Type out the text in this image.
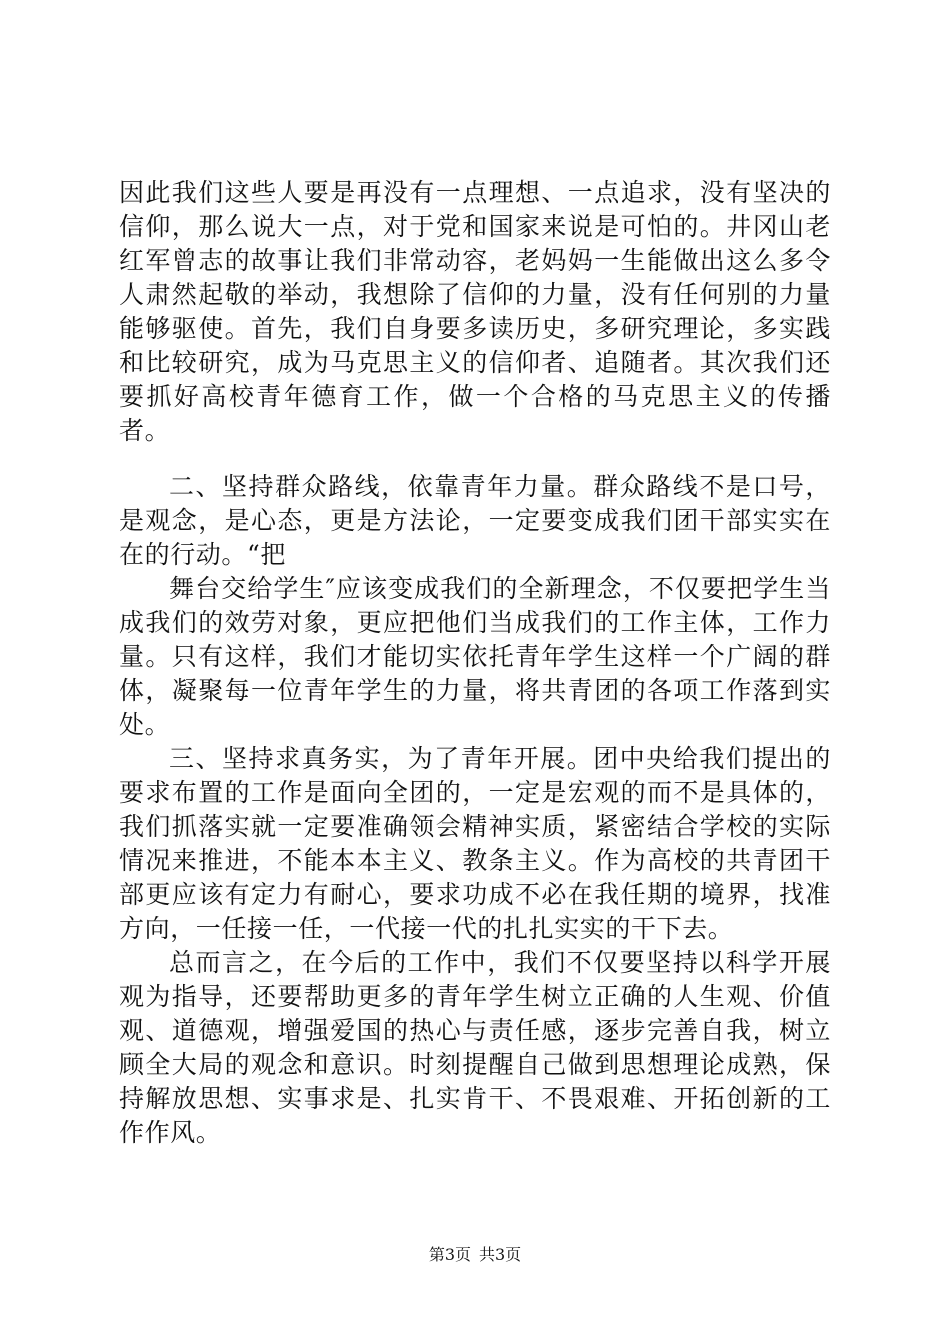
因此我们这些人要是再没有一点理想、一点追求，没有坚决的信仰，那么说大一点，对于党和国家来说是可怕的。井冈山老红军曾志的故事让我们非常动容，老妈妈一生能做出这么多令人肃然起敬的举动，我想除了信仰的力量，没有任何别的力量能够驱使。首先，我们自身要多读历史，多研究理论，多实践和比较研究，成为马克思主义的信仰者、追随者。其次我们还要抓好高校青年德育工作，做一个合格的马克思主义的传播者。

二、坚持群众路线，依靠青年力量。群众路线不是口号，是观念，是心态，更是方法论，一定要变成我们团干部实实在在的行动。“把

舞台交给学生″应该变成我们的全新理念，不仅要把学生当成我们的效劳对象，更应把他们当成我们的工作主体，工作力量。只有这样，我们才能切实依托青年学生这样一个广阔的群体，凝聚每一位青年学生的力量，将共青团的各项工作落到实处。

三、坚持求真务实，为了青年开展。团中央给我们提出的要求布置的工作是面向全团的，一定是宏观的而不是具体的，我们抓落实就一定要准确领会精神实质，紧密结合学校的实际情况来推进，不能本本主义、教条主义。作为高校的共青团干部更应该有定力有耐心，要求功成不必在我任期的境界，找准方向，一任接一任，一代接一代的扎扎实实的干下去。

总而言之，在今后的工作中，我们不仅要坚持以科学开展观为指导，还要帮助更多的青年学生树立正确的人生观、价值观、道德观，增强爱国的热心与责任感，逐步完善自我，树立顾全大局的观念和意识。时刻提醒自己做到思想理论成熟，保持解放思想、实事求是、扎实肯干、不畏艰难、开拓创新的工作作风。

第3页 共3页
